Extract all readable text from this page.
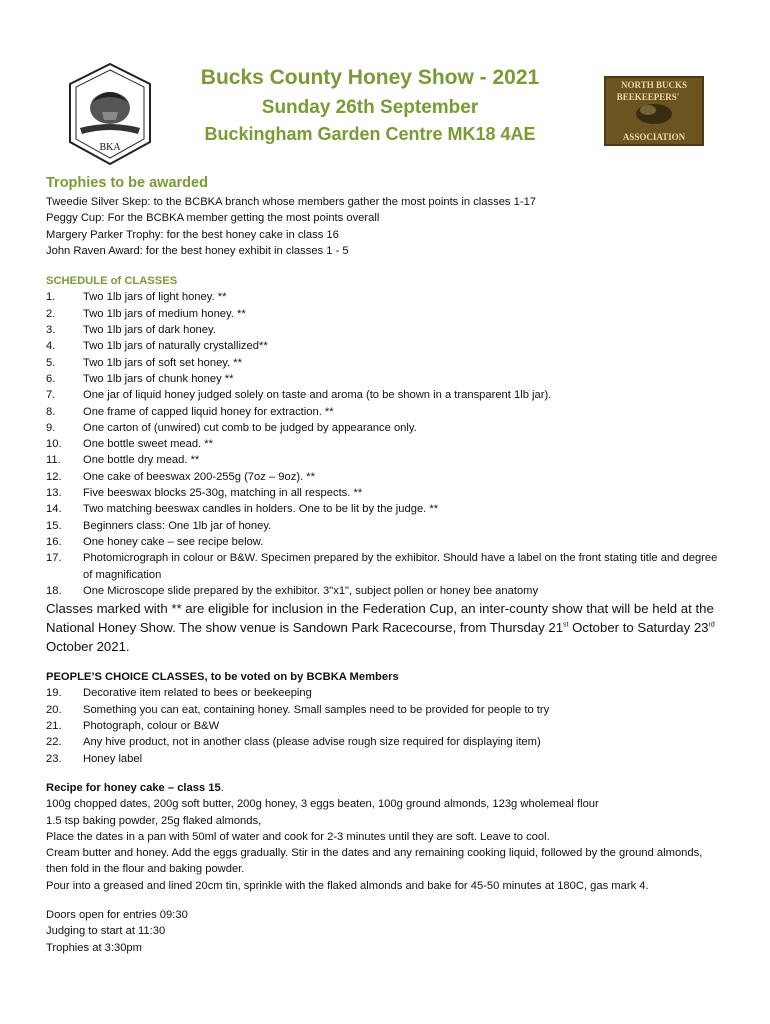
BKA
NORTH BUCKS
BEEKEEPERS'
ASSOCIATION
Bucks County Honey Show - 2021
Sunday 26th September
Buckingham Garden Centre MK18 4AE
Trophies to be awarded
Tweedie Silver Skep: to the BCBKA branch whose members gather the most points in classes 1-17
Peggy Cup: For the BCBKA member getting the most points overall
Margery Parker Trophy: for the best honey cake in class 16
John Raven Award: for the best honey exhibit in classes 1 - 5
SCHEDULE of CLASSES
1.	Two 1lb jars of light honey. **
2.	Two 1lb jars of medium honey. **
3.	Two 1lb jars of dark honey.
4.	Two 1lb jars of naturally crystallized**
5.	Two 1lb jars of soft set honey. **
6.	Two 1lb jars of chunk honey **
7.	One jar of liquid honey judged solely on taste and aroma (to be shown in a transparent 1lb jar).
8.	One frame of capped liquid honey for extraction. **
9.	One carton of (unwired) cut comb to be judged by appearance only.
10.	One bottle sweet mead. **
11.	One bottle dry mead. **
12.	One cake of beeswax 200-255g (7oz – 9oz). **
13.	Five beeswax blocks 25-30g, matching in all respects. **
14.	Two matching beeswax candles in holders. One to be lit by the judge. **
15.	Beginners class: One 1lb jar of honey.
16.	One honey cake – see recipe below.
17.	Photomicrograph in colour or B&W. Specimen prepared by the exhibitor. Should have a label on the front stating title and degree of magnification
18.	One Microscope slide prepared by the exhibitor. 3"x1", subject pollen or honey bee anatomy
Classes marked with ** are eligible for inclusion in the Federation Cup, an inter-county show that will be held at the National Honey Show. The show venue is Sandown Park Racecourse, from Thursday 21st October to Saturday 23rd October 2021.
PEOPLE’S CHOICE CLASSES, to be voted on by BCBKA Members
19.	Decorative item related to bees or beekeeping
20.	Something you can eat, containing honey. Small samples need to be provided for people to try
21.	Photograph, colour or B&W
22.	Any hive product, not in another class (please advise rough size required for displaying item)
23.	Honey label
Recipe for honey cake – class 15.
100g chopped dates, 200g soft butter, 200g honey, 3 eggs beaten, 100g ground almonds, 123g wholemeal flour
1.5 tsp baking powder, 25g flaked almonds,
Place the dates in a pan with 50ml of water and cook for 2-3 minutes until they are soft. Leave to cool.
Cream butter and honey. Add the eggs gradually. Stir in the dates and any remaining cooking liquid, followed by the ground almonds, then fold in the flour and baking powder.
Pour into a greased and lined 20cm tin, sprinkle with the flaked almonds and bake for 45-50 minutes at 180C, gas mark 4.
Doors open for entries 09:30
Judging to start at 11:30
Trophies at 3:30pm
